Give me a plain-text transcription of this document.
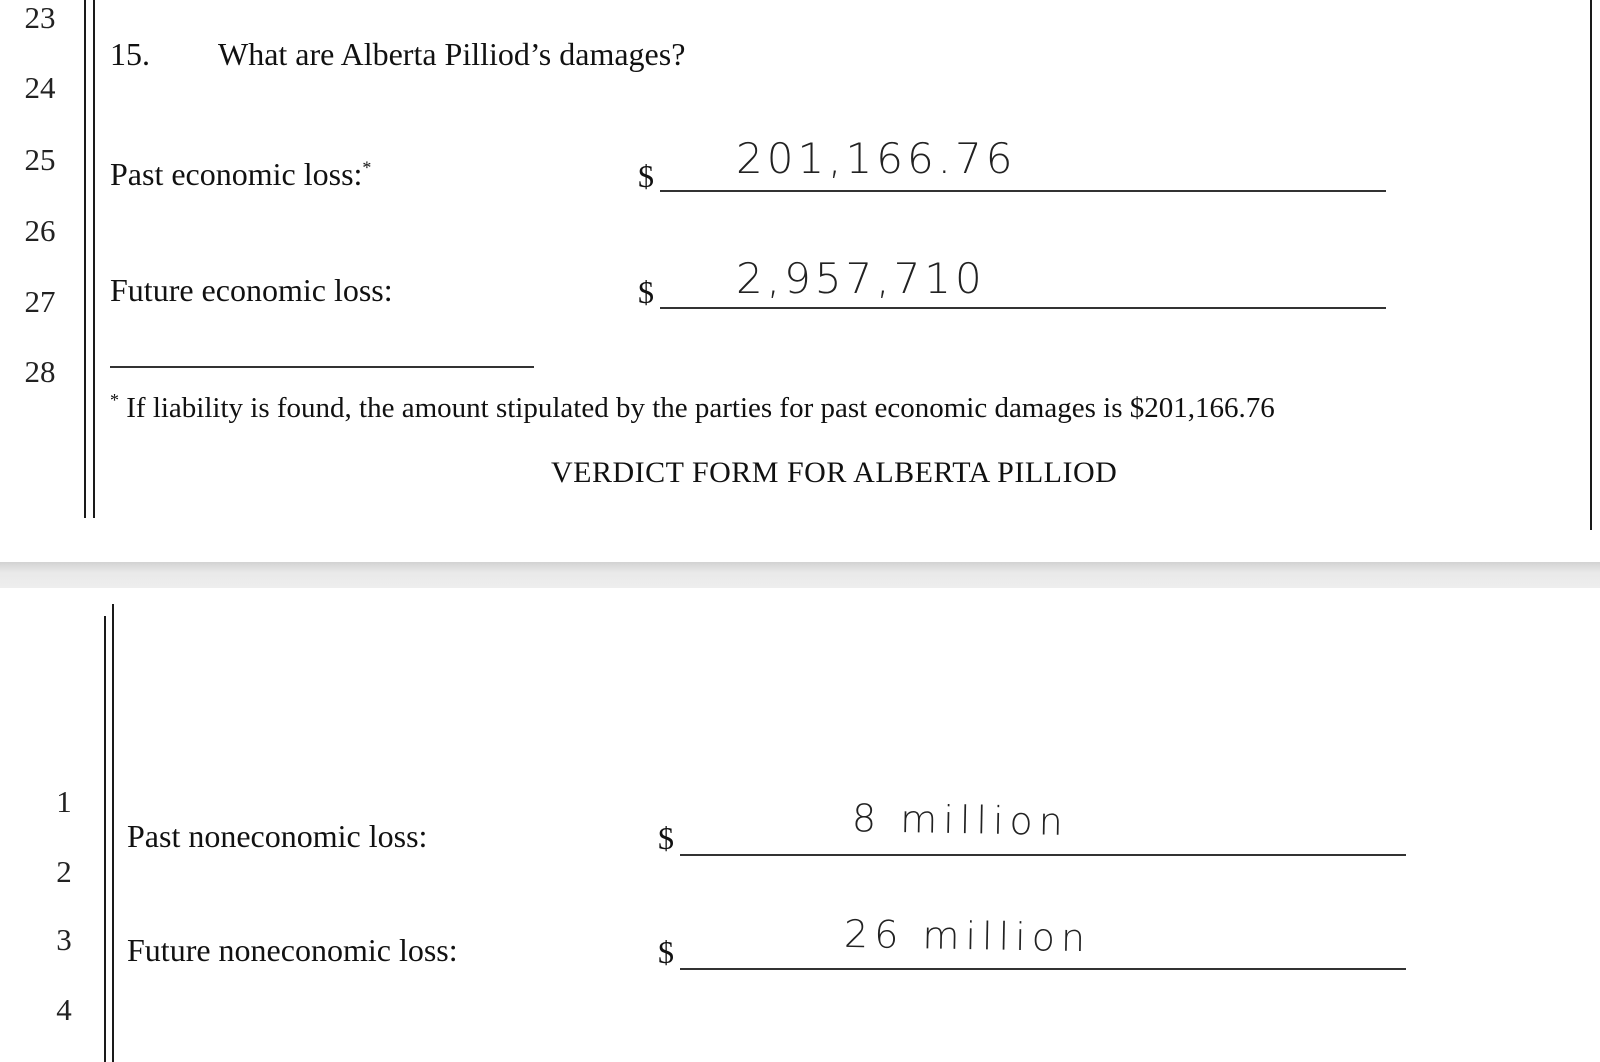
23
24
25
26
27
28
15. What are Alberta Pilliod’s damages?
Past economic loss:*	$ 201,166.76
Future economic loss:	$ 2,957,710
* If liability is found, the amount stipulated by the parties for past economic damages is $201,166.76
VERDICT FORM FOR ALBERTA PILLIOD
1
2
3
4
Past noneconomic loss:	$	8 million
Future noneconomic loss:	$	26 million
